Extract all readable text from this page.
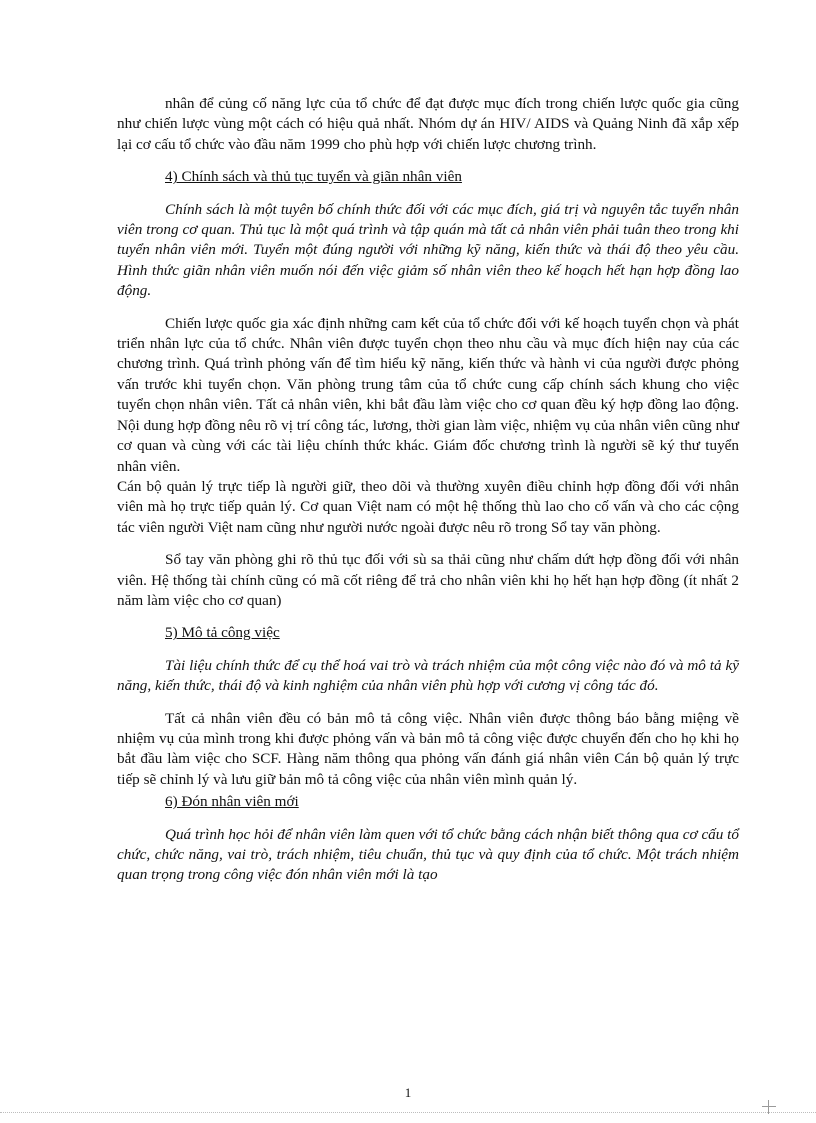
nhân để củng cố năng lực của tổ chức để đạt được mục đích trong chiến lược quốc gia cũng như chiến lược vùng một cách có hiệu quả nhất. Nhóm dự án HIV/ AIDS và Quảng Ninh đã xắp xếp lại cơ cấu tổ chức vào đầu năm 1999 cho phù hợp với chiến lược chương trình.

4) Chính sách và thủ tục tuyển và giãn nhân viên

Chính sách là một tuyên bố chính thức đối với các mục đích, giá trị và nguyên tắc tuyển nhân viên trong cơ quan. Thủ tục là một quá trình và tập quán mà tất cả nhân viên phải tuân theo trong khi tuyển nhân viên mới. Tuyển một đúng người với những kỹ năng, kiến thức và thái độ theo yêu cầu. Hình thức giãn nhân viên muốn nói đến việc giảm số nhân viên theo kế hoạch hết hạn hợp đồng lao động.

Chiến lược quốc gia xác định những cam kết của tổ chức đối với kế hoạch tuyển chọn và phát triển nhân lực của tổ chức. Nhân viên được tuyển chọn theo nhu cầu và mục đích hiện nay của các chương trình. Quá trình phỏng vấn để tìm hiểu kỹ năng, kiến thức và hành vi của người được phỏng vấn trước khi tuyển chọn. Văn phòng trung tâm của tổ chức cung cấp chính sách khung cho việc tuyển chọn nhân viên. Tất cả nhân viên, khi bắt đầu làm việc cho cơ quan đều ký hợp đồng lao động. Nội dung hợp đồng nêu rõ vị trí công tác, lương, thời gian làm việc, nhiệm vụ của nhân viên cũng như cơ quan và cùng với các tài liệu chính thức khác. Giám đốc chương trình là người sẽ ký thư tuyển nhân viên.

Cán bộ quản lý trực tiếp là người giữ, theo dõi và thường xuyên điều chỉnh hợp đồng đối với nhân viên mà họ trực tiếp quản lý. Cơ quan Việt nam có một hệ thống thù lao cho cố vấn và cho các cộng tác viên người Việt nam cũng như người nước ngoài được nêu rõ trong Sổ tay văn phòng.

Sổ tay văn phòng ghi rõ thủ tục đối với sù sa thải cũng như chấm dứt hợp đồng đối với nhân viên. Hệ thống tài chính cũng có mã cốt riêng để trả cho nhân viên khi họ hết hạn hợp đồng (ít nhất 2 năm làm việc cho cơ quan)

5) Mô tả công việc

Tài liệu chính thức để cụ thể hoá vai trò và trách nhiệm của một công việc nào đó và mô tả kỹ năng, kiến thức, thái độ và kinh nghiệm của nhân viên phù hợp với cương vị công tác đó.

Tất cả nhân viên đều có bản mô tả công việc. Nhân viên được thông báo bằng miệng về nhiệm vụ của mình trong khi được phỏng vấn và bản mô tả công việc được chuyển đến cho họ khi họ bắt đầu làm việc cho SCF. Hàng năm thông qua phỏng vấn đánh giá nhân viên Cán bộ quản lý trực tiếp sẽ chỉnh lý và lưu giữ bản mô tả công việc của nhân viên mình quản lý.

6) Đón nhân viên mới

Quá trình học hỏi để nhân viên làm quen với tổ chức bằng cách nhận biết thông qua cơ cấu tổ chức, chức năng, vai trò, trách nhiệm, tiêu chuẩn, thủ tục và quy định của tổ chức. Một trách nhiệm quan trọng trong công việc đón nhân viên mới là tạo

1
